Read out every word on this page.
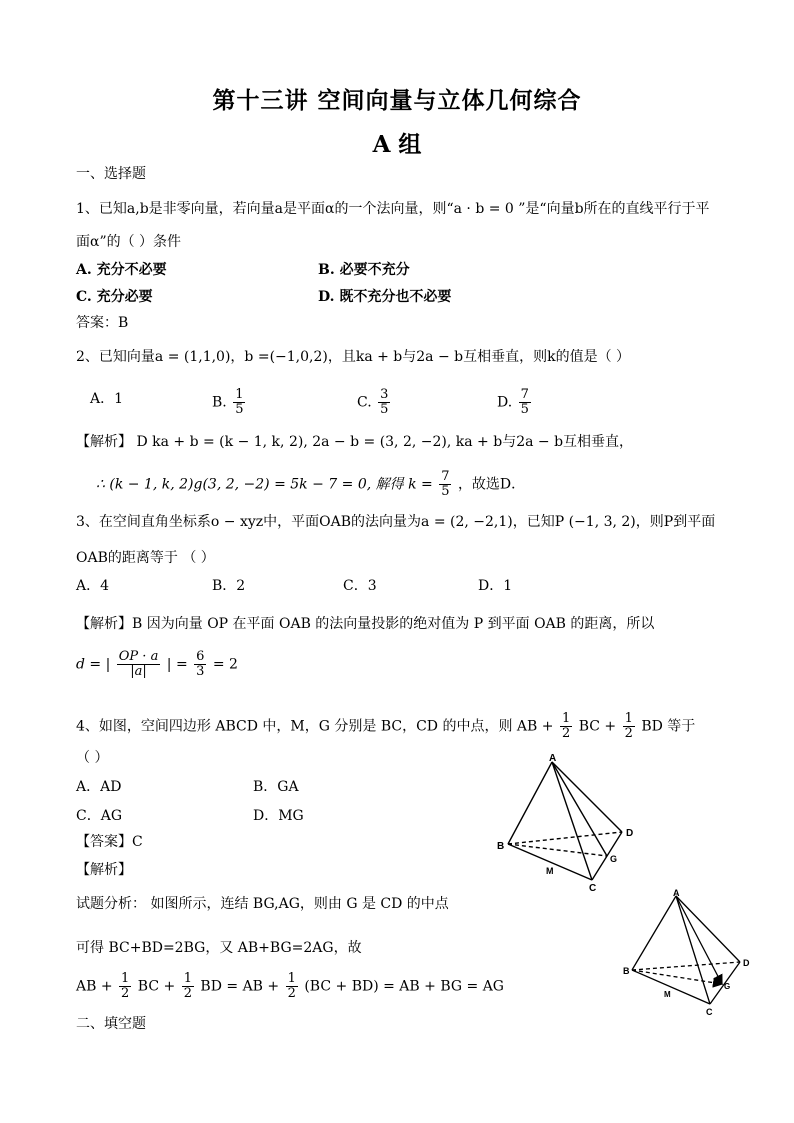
第十三讲 空间向量与立体几何综合
A 组
一、选择题
1、已知a,b是非零向量，若向量a是平面α的一个法向量，则“a · b = 0 ”是“向量b所在的直线平行于平
面α”的（ ）条件
A. 充分不必要	B. 必要不充分
C. 充分必要	D. 既不充分也不必要
答案：B
2、已知向量a = (1,1,0)，b =(−1,0,2)，且ka + b与2a − b互相垂直，则k的值是（ ）
A．1	B. $\frac{1}{5}$	C. $\frac{3}{5}$	D. $\frac{7}{5}$
【解析】 D ka + b = (k − 1, k, 2), 2a − b = (3, 2, −2), ka + b与2a − b互相垂直，
∴ (k − 1, k, 2)g(3, 2, −2) = 5k − 7 = 0, 解得 $k = \frac{7}{5}$ ，故选D．
3、在空间直角坐标系o − xyz中，平面OAB的法向量为a = (2, −2,1)，已知P (−1, 3, 2)，则P到平面
OAB的距离等于 （ ）
A．4	B．2	C．3	D．1
【解析】B 因为向量 OP 在平面 OAB 的法向量投影的绝对值为 P 到平面 OAB 的距离，所以
d = | $\frac{OP \cdot a}{|a|}$ | = $\frac{6}{3} = 2$
4、如图，空间四边形 ABCD 中，M，G 分别是 BC，CD 的中点，则 AB + $\frac{1}{2}$ BC + $\frac{1}{2}$ BD 等于
（ ）
A．AD	B．GA
C．AG	D．MG
【答案】C
【解析】
试题分析： 如图所示，连结 BG,AG，则由 G 是 CD 的中点
可得 BC+BD=2BG，又 AB+BG=2AG，故
AB + $\frac{1}{2}$ BC + $\frac{1}{2}$ BD = AB + $\frac{1}{2} (BC + BD)$ = AB + BG = AG
二、填空题
A
B
C
D
M
G
A
B
C
D
M
G
